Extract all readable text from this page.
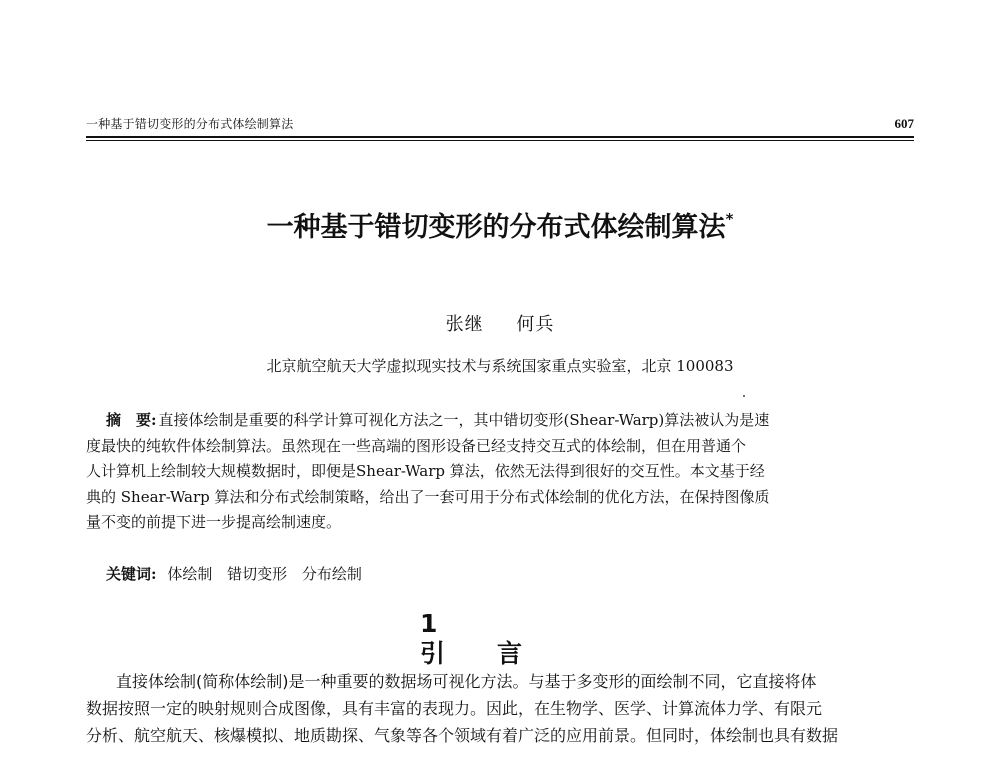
一种基于错切变形的分布式体绘制算法	607
一种基于错切变形的分布式体绘制算法*
张继 何兵
北京航空航天大学虚拟现实技术与系统国家重点实验室，北京 100083
摘　要: 直接体绘制是重要的科学计算可视化方法之一，其中错切变形(Shear-Warp)算法被认为是速
度最快的纯软件体绘制算法。虽然现在一些高端的图形设备已经支持交互式的体绘制，但在用普通个
人计算机上绘制较大规模数据时，即便是Shear-Warp 算法，依然无法得到很好的交互性。本文基于经
典的 Shear-Warp 算法和分布式绘制策略，给出了一套可用于分布式体绘制的优化方法，在保持图像质
量不变的前提下进一步提高绘制速度。
关键词: 体绘制 错切变形 分布绘制
1引言
直接体绘制(简称体绘制)是一种重要的数据场可视化方法。与基于多变形的面绘制不同，它直接将体
数据按照一定的映射规则合成图像，具有丰富的表现力。因此，在生物学、医学、计算流体力学、有限元
分析、航空航天、核爆模拟、地质勘探、气象等各个领域有着广泛的应用前景。但同时，体绘制也具有数据
